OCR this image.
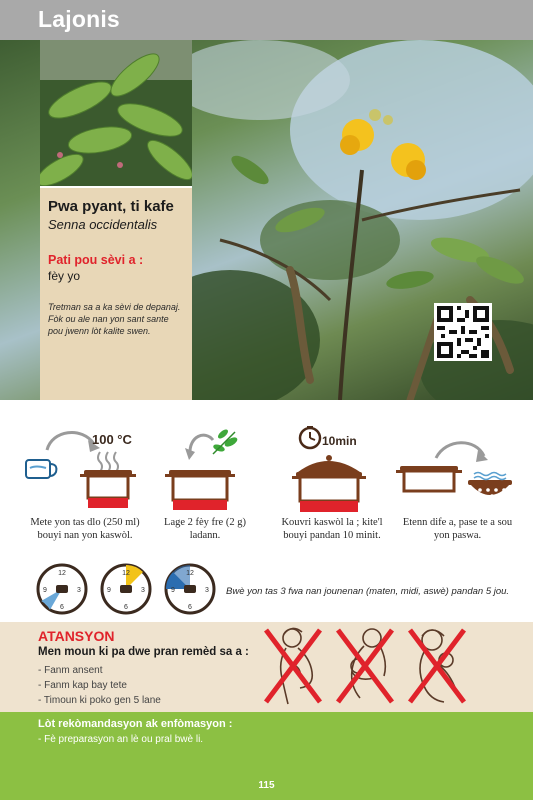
Lajonis
Pwa pyant, ti kafe
Senna occidentalis
Pati pou sèvi a :
fèy yo
Tretman sa a ka sèvi de depanaj. Fòk ou ale nan yon sant sante pou jwenn lòt kalite swen.
100 °C
Mete yon tas dlo (250 ml) bouyi nan yon kaswòl.
Lage 2 fèy fre (2 g) ladann.
10min
Kouvri kaswòl la ; kite'l bouyi pandan 10 minit.
Etenn dife a, pase te a sou yon paswa.
12
3
6
9
12
3
6
9
12
3
6
9	Bwè yon tas 3 fwa nan jounenan (maten, midi, aswè) pandan 5 jou.
ATANSYON
Men moun ki pa dwe pran remèd sa a :
- Fanm ansent
- Fanm kap bay tete
- Timoun ki poko gen 5 lane
Lòt rekòmandasyon ak enfòmasyon :
- Fè preparasyon an lè ou pral bwè li.
115
